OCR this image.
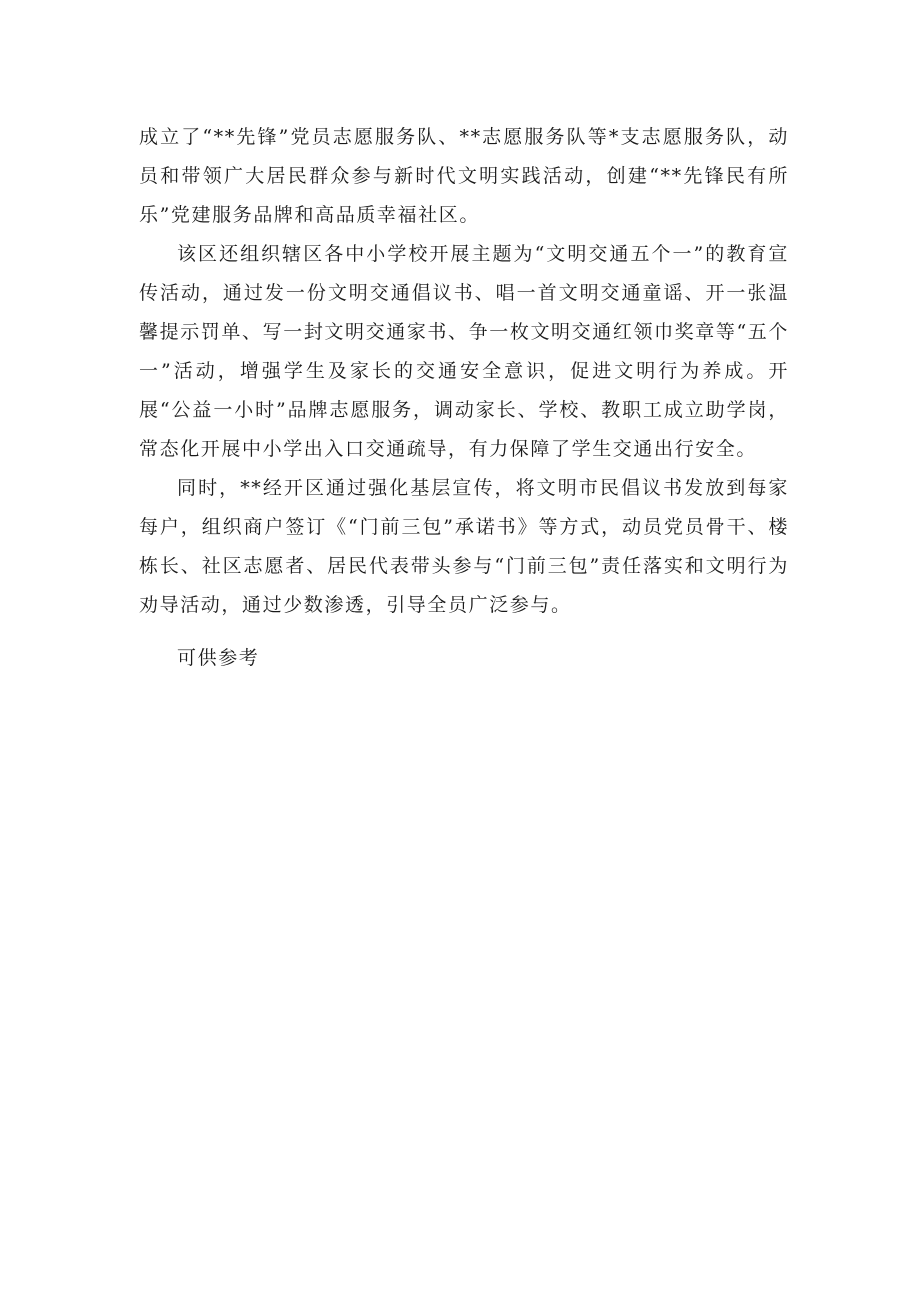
成立了“**先锋”党员志愿服务队、**志愿服务队等*支志愿服务队，动员和带领广大居民群众参与新时代文明实践活动，创建“**先锋民有所乐”党建服务品牌和高品质幸福社区。

该区还组织辖区各中小学校开展主题为“文明交通五个一”的教育宣传活动，通过发一份文明交通倡议书、唱一首文明交通童谣、开一张温馨提示罚单、写一封文明交通家书、争一枚文明交通红领巾奖章等“五个一”活动，增强学生及家长的交通安全意识，促进文明行为养成。开展“公益一小时”品牌志愿服务，调动家长、学校、教职工成立助学岗，常态化开展中小学出入口交通疏导，有力保障了学生交通出行安全。

同时，**经开区通过强化基层宣传，将文明市民倡议书发放到每家每户，组织商户签订《“门前三包”承诺书》等方式，动员党员骨干、楼栋长、社区志愿者、居民代表带头参与“门前三包”责任落实和文明行为劝导活动，通过少数渗透，引导全员广泛参与。

可供参考
